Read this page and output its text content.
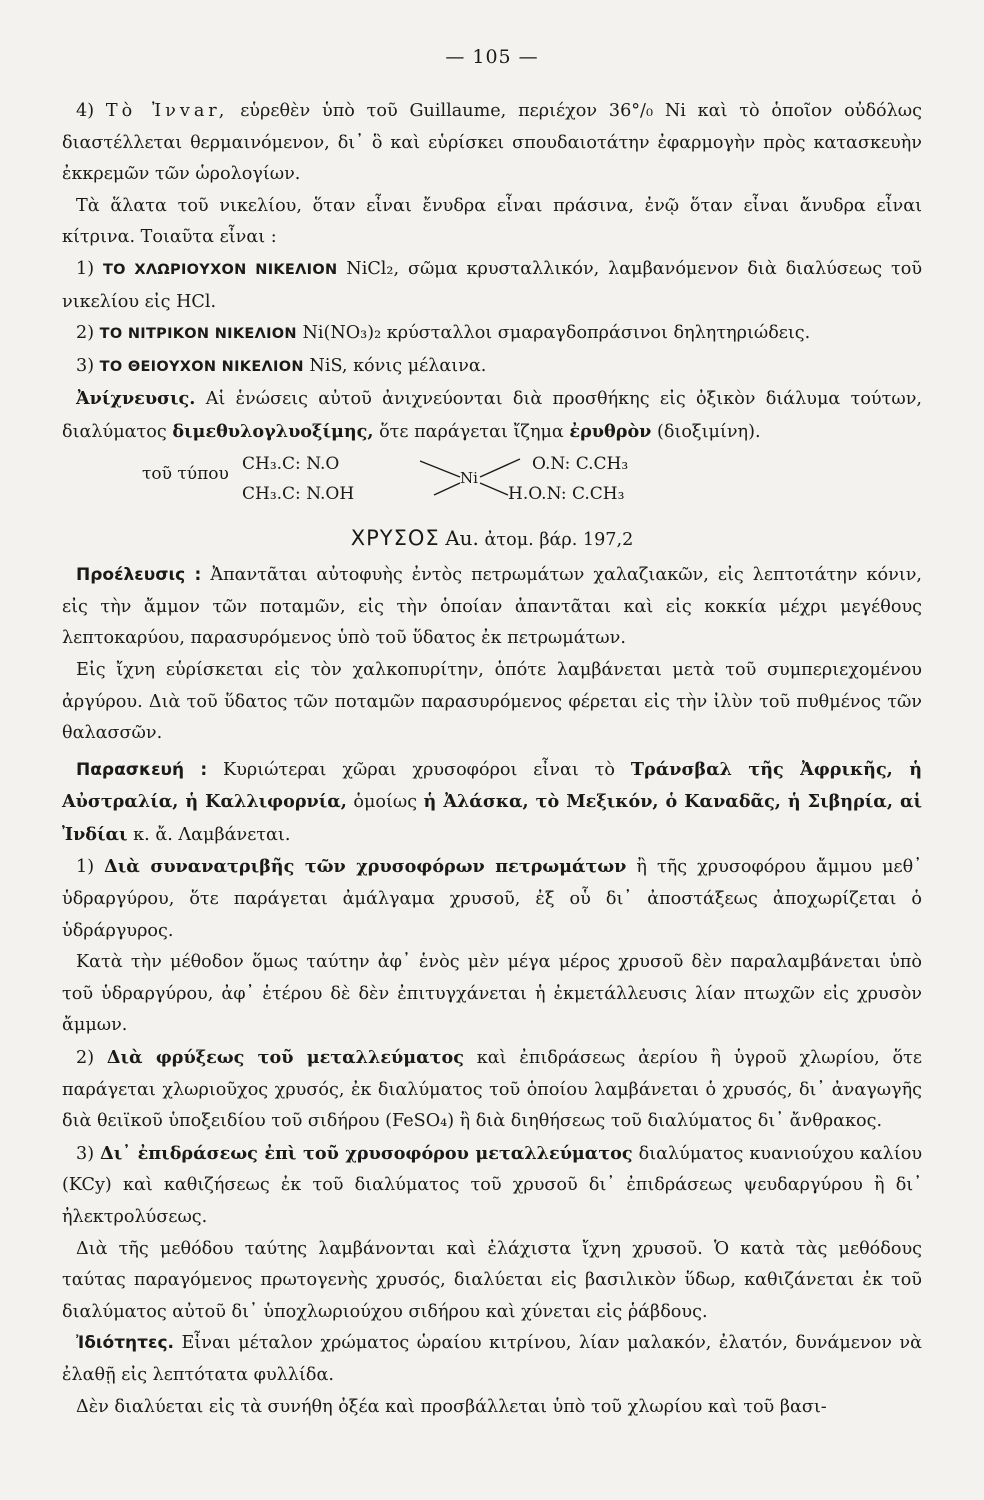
— 105 —

4) Τὸ Ἰνvar, εὑρεθὲν ὑπὸ τοῦ Guillaume, περιέχον 36°/₀ Ni καὶ τὸ ὁποῖον οὐδόλως διαστέλλεται θερμαινόμενον, δι᾽ ὃ καὶ εὑρίσκει σπουδαιοτάτην ἐφαρμογὴν πρὸς κατασκευὴν ἐκκρεμῶν τῶν ὡρολογίων.

Τὰ ἅλατα τοῦ νικελίου, ὅταν εἶναι ἔνυδρα εἶναι πράσινα, ἐνῷ ὅταν εἶναι ἄνυδρα εἶναι κίτρινα. Τοιαῦτα εἶναι :

1) ΤΟ ΧΛΩΡΙΟΥΧΟΝ ΝΙΚΕΛΙΟΝ NiCl₂, σῶμα κρυσταλλικόν, λαμβανόμενον διὰ διαλύσεως τοῦ νικελίου εἰς HCl.

2) ΤΟ ΝΙΤΡΙΚΟΝ ΝΙΚΕΛΙΟΝ Ni(NO₃)₂ κρύσταλλοι σμαραγδοπράσινοι δηλητηριώδεις.

3) ΤΟ ΘΕΙΟΥΧΟΝ ΝΙΚΕΛΙΟΝ NiS, κόνις μέλαινα.

Ἀνίχνευσις. Αἱ ἑνώσεις αὐτοῦ ἀνιχνεύονται διὰ προσθήκης εἰς ὀξικὸν διάλυμα τούτων, διαλύματος διμεθυλογλυοξίμης, ὅτε παράγεται ἴζημα ἐρυθρὸν (διοξιμίνη).

τοῦ τύπου CH₃.C: N.O
CH₃.C: N.OH
Ni
O.N: C.CH₃
H.O.N: C.CH₃
ΧΡΥΣΟΣ Au. ἀτομ. βάρ. 197,2

Προέλευσις : Ἀπαντᾶται αὐτοφυὴς ἐντὸς πετρωμάτων χαλαζιακῶν, εἰς λεπτοτάτην κόνιν, εἰς τὴν ἄμμον τῶν ποταμῶν, εἰς τὴν ὁποίαν ἀπαντᾶται καὶ εἰς κοκκία μέχρι μεγέθους λεπτοκαρύου, παρασυρόμενος ὑπὸ τοῦ ὕδατος ἐκ πετρωμάτων.

Εἰς ἴχνη εὑρίσκεται εἰς τὸν χαλκοπυρίτην, ὁπότε λαμβάνεται μετὰ τοῦ συμπεριεχομένου ἀργύρου. Διὰ τοῦ ὕδατος τῶν ποταμῶν παρασυρόμενος φέρεται εἰς τὴν ἰλὺν τοῦ πυθμένος τῶν θαλασσῶν.

Παρασκευή : Κυριώτεραι χῶραι χρυσοφόροι εἶναι τὸ Τράνσβαλ τῆς Ἀφρικῆς, ἡ Αὐστραλία, ἡ Καλλιφορνία, ὁμοίως ἡ Ἀλάσκα, τὸ Μεξικόν, ὁ Καναδᾶς, ἡ Σιβηρία, αἱ Ἰνδίαι κ. ἄ. Λαμβάνεται.

1) Διὰ συνανατριβῆς τῶν χρυσοφόρων πετρωμάτων ἢ τῆς χρυσοφόρου ἄμμου μεθ᾽ ὑδραργύρου, ὅτε παράγεται ἀμάλγαμα χρυσοῦ, ἐξ οὗ δι᾽ ἀποστάξεως ἀποχωρίζεται ὁ ὑδράργυρος.

Κατὰ τὴν μέθοδον ὅμως ταύτην ἀφ᾽ ἑνὸς μὲν μέγα μέρος χρυσοῦ δὲν παραλαμβάνεται ὑπὸ τοῦ ὑδραργύρου, ἀφ᾽ ἑτέρου δὲ δὲν ἐπιτυγχάνεται ἡ ἐκμετάλλευσις λίαν πτωχῶν εἰς χρυσὸν ἄμμων.

2) Διὰ φρύξεως τοῦ μεταλλεύματος καὶ ἐπιδράσεως ἀερίου ἢ ὑγροῦ χλωρίου, ὅτε παράγεται χλωριοῦχος χρυσός, ἐκ διαλύματος τοῦ ὁποίου λαμβάνεται ὁ χρυσός, δι᾽ ἀναγωγῆς διὰ θειϊκοῦ ὑποξειδίου τοῦ σιδήρου (FeSO₄) ἢ διὰ διηθήσεως τοῦ διαλύματος δι᾽ ἄνθρακος.

3) Δι᾽ ἐπιδράσεως ἐπὶ τοῦ χρυσοφόρου μεταλλεύματος διαλύματος κυανιούχου καλίου (KCy) καὶ καθιζήσεως ἐκ τοῦ διαλύματος τοῦ χρυσοῦ δι᾽ ἐπιδράσεως ψευδαργύρου ἢ δι᾽ ἠλεκτρολύσεως.

Διὰ τῆς μεθόδου ταύτης λαμβάνονται καὶ ἐλάχιστα ἴχνη χρυσοῦ. Ὁ κατὰ τὰς μεθόδους ταύτας παραγόμενος πρωτογενὴς χρυσός, διαλύεται εἰς βασιλικὸν ὕδωρ, καθιζάνεται ἐκ τοῦ διαλύματος αὐτοῦ δι᾽ ὑποχλωριούχου σιδήρου καὶ χύνεται εἰς ῥάβδους.

Ἰδιότητες. Εἶναι μέταλον χρώματος ὡραίου κιτρίνου, λίαν μαλακόν, ἐλατόν, δυνάμενον νὰ ἐλαθῇ εἰς λεπτότατα φυλλίδα.

Δὲν διαλύεται εἰς τὰ συνήθη ὀξέα καὶ προσβάλλεται ὑπὸ τοῦ χλωρίου καὶ τοῦ βασι-
